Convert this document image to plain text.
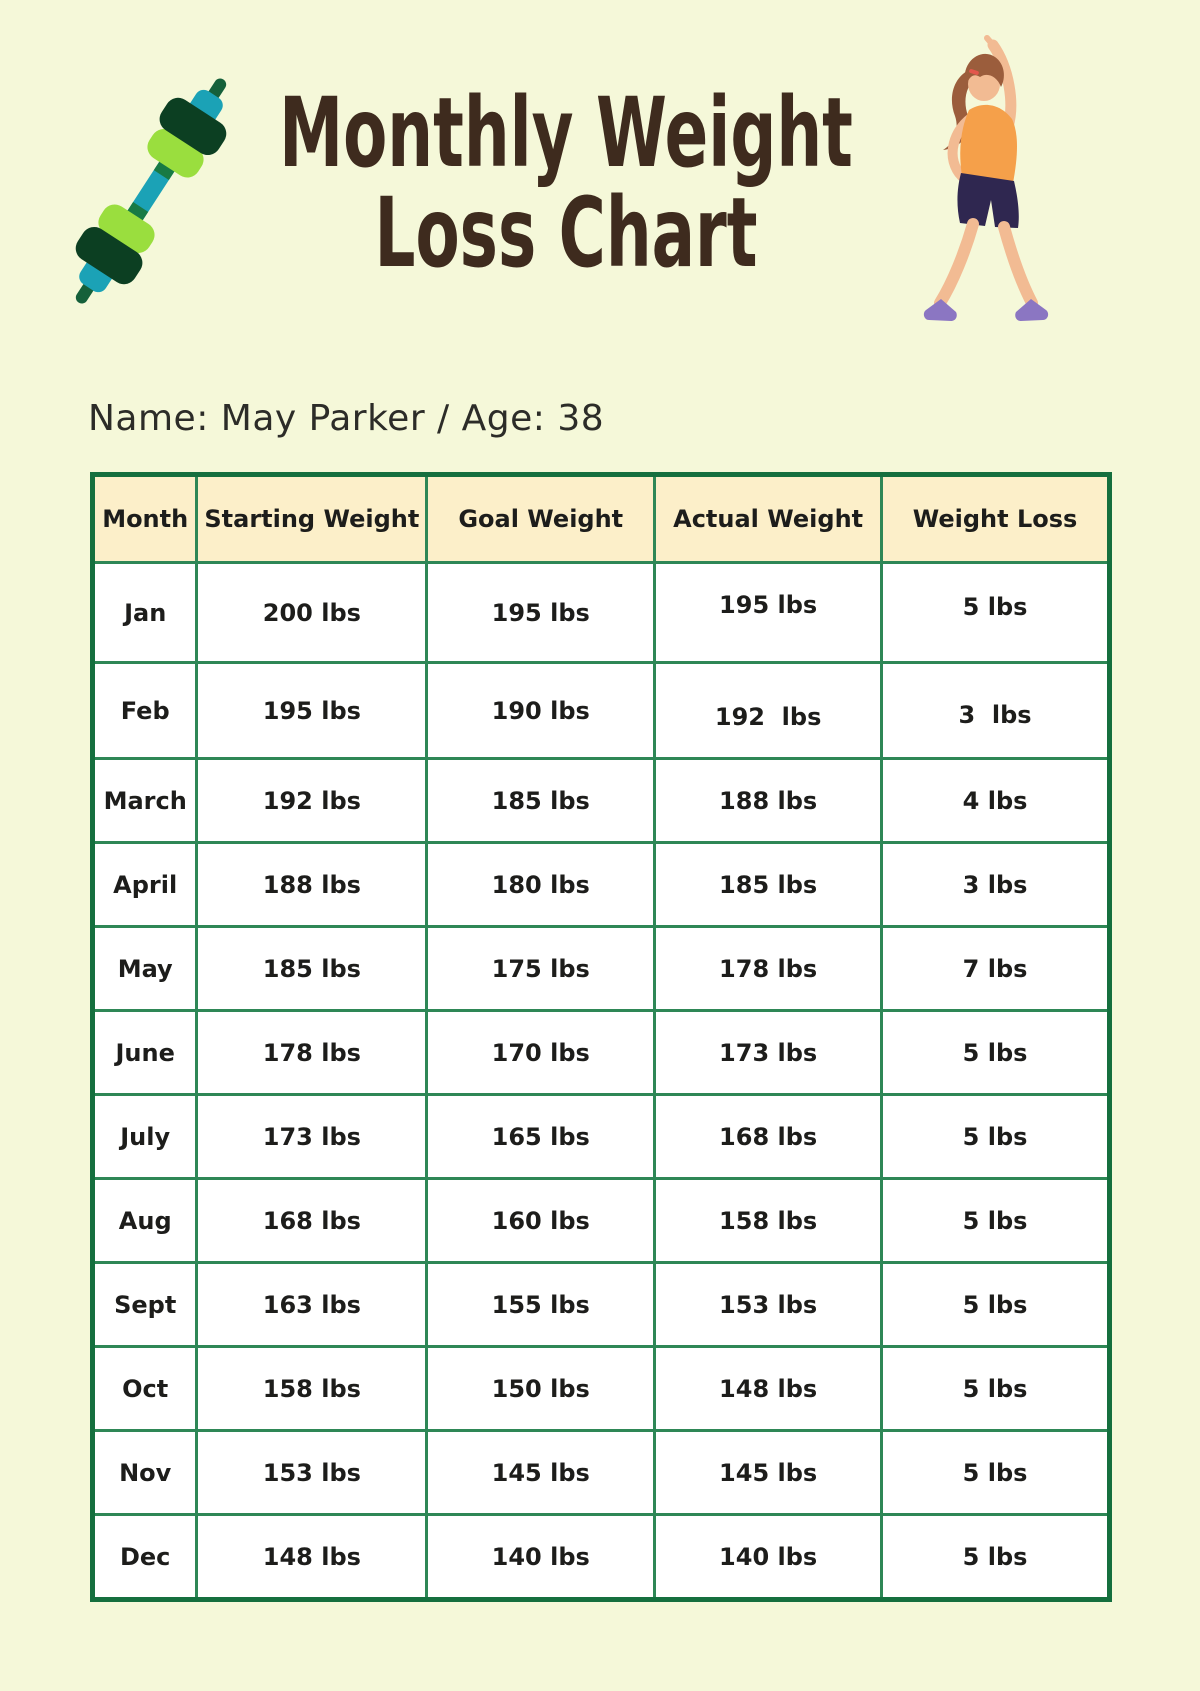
Monthly Weight
Loss Chart
Name: May Parker / Age: 38
Month	Starting Weight	Goal Weight	Actual Weight	Weight Loss
Jan	200 lbs	195 lbs	195 lbs	5 lbs
Feb	195 lbs	190 lbs	192  lbs	3  lbs
March	192 lbs	185 lbs	188 lbs	4 lbs
April	188 lbs	180 lbs	185 lbs	3 lbs
May	185 lbs	175 lbs	178 lbs	7 lbs
June	178 lbs	170 lbs	173 lbs	5 lbs
July	173 lbs	165 lbs	168 lbs	5 lbs
Aug	168 lbs	160 lbs	158 lbs	5 lbs
Sept	163 lbs	155 lbs	153 lbs	5 lbs
Oct	158 lbs	150 lbs	148 lbs	5 lbs
Nov	153 lbs	145 lbs	145 lbs	5 lbs
Dec	148 lbs	140 lbs	140 lbs	5 lbs
